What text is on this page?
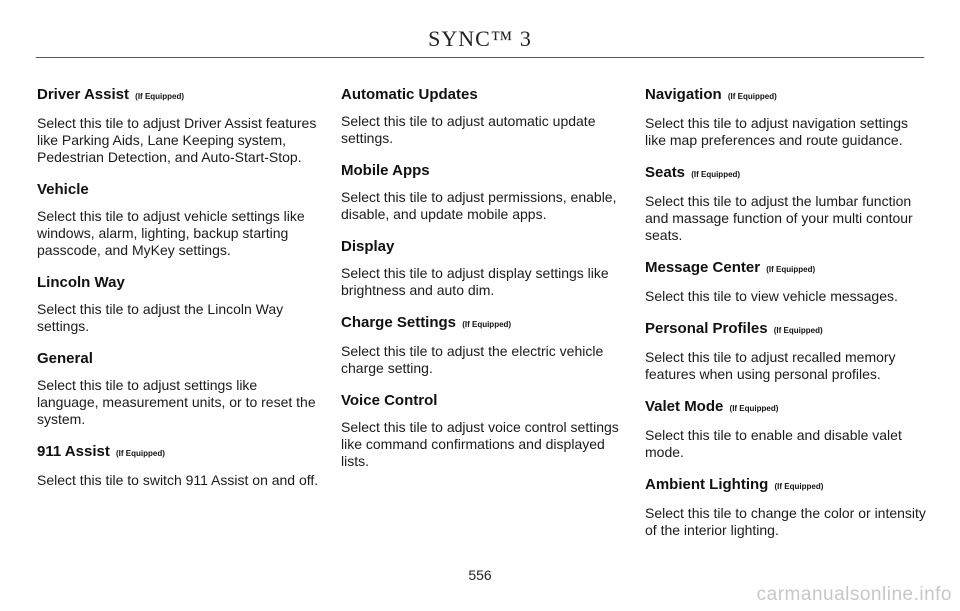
SYNC™ 3
Driver Assist (If Equipped)

Select this tile to adjust Driver Assist features like Parking Aids, Lane Keeping system, Pedestrian Detection, and Auto-Start-Stop.

Vehicle

Select this tile to adjust vehicle settings like windows, alarm, lighting, backup starting passcode, and MyKey settings.

Lincoln Way

Select this tile to adjust the Lincoln Way settings.

General

Select this tile to adjust settings like language, measurement units, or to reset the system.

911 Assist (If Equipped)

Select this tile to switch 911 Assist on and off.

Automatic Updates

Select this tile to adjust automatic update settings.

Mobile Apps

Select this tile to adjust permissions, enable, disable, and update mobile apps.

Display

Select this tile to adjust display settings like brightness and auto dim.

Charge Settings (If Equipped)

Select this tile to adjust the electric vehicle charge setting.

Voice Control

Select this tile to adjust voice control settings like command confirmations and displayed lists.

Navigation (If Equipped)

Select this tile to adjust navigation settings like map preferences and route guidance.

Seats (If Equipped)

Select this tile to adjust the lumbar function and massage function of your multi contour seats.

Message Center (If Equipped)

Select this tile to view vehicle messages.

Personal Profiles (If Equipped)

Select this tile to adjust recalled memory features when using personal profiles.

Valet Mode (If Equipped)

Select this tile to enable and disable valet mode.

Ambient Lighting (If Equipped)

Select this tile to change the color or intensity of the interior lighting.

556
carmanualsonline.info
